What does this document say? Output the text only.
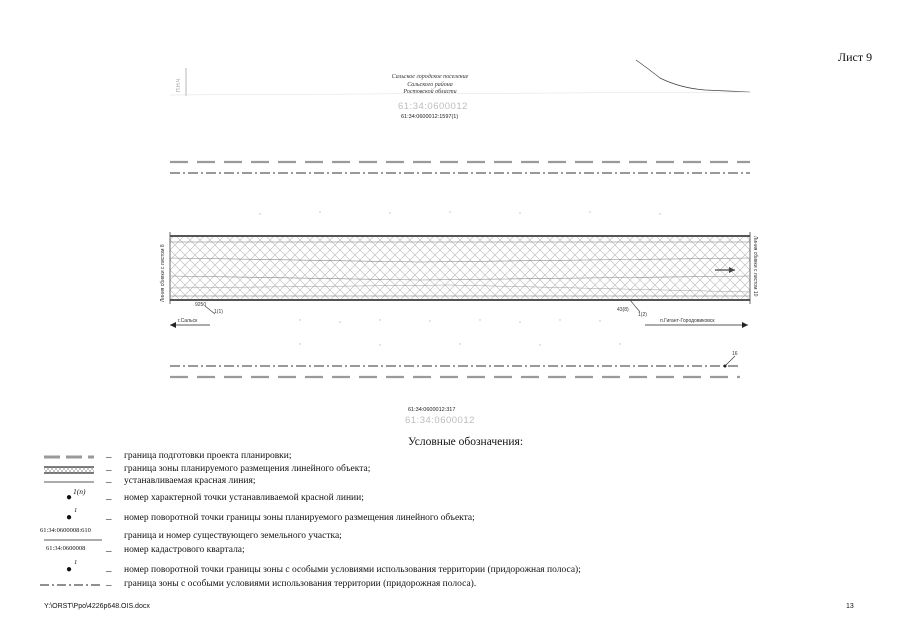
Лист 9
Сальское городское поселение
Сальского района
Ростовской области
61:34:0600012
61:34:0600012:1597(1)
61:34:0600012:317
61:34:0600012
П.Н.Ч.
Линия сбивки с листом 8	Линия сбивки с листом 10
г.Сальск	п.Гигант-Городовиковск
9250
1(1)	43(8)
1(2)
16
Условные обозначения:
– граница подготовки проекта планировки;
– граница зоны планируемого размещения линейного объекта;
– устанавливаемая красная линия;
●
1(n)
– номер характерной точки устанавливаемой красной линии;
●
1
– номер поворотной точки границы зоны планируемого размещения линейного объекта;
61:34:0600008:610
граница и номер существующего земельного участка;
61:34:0600008 – номер кадастрового квартала;
●
1
– номер поворотной точки границы зоны с особыми условиями использования территории (придорожная полоса);
– граница зоны с особыми условиями использования территории (придорожная полоса).
Y:\ORST\Ppo\4226p648.OIS.docx	13
